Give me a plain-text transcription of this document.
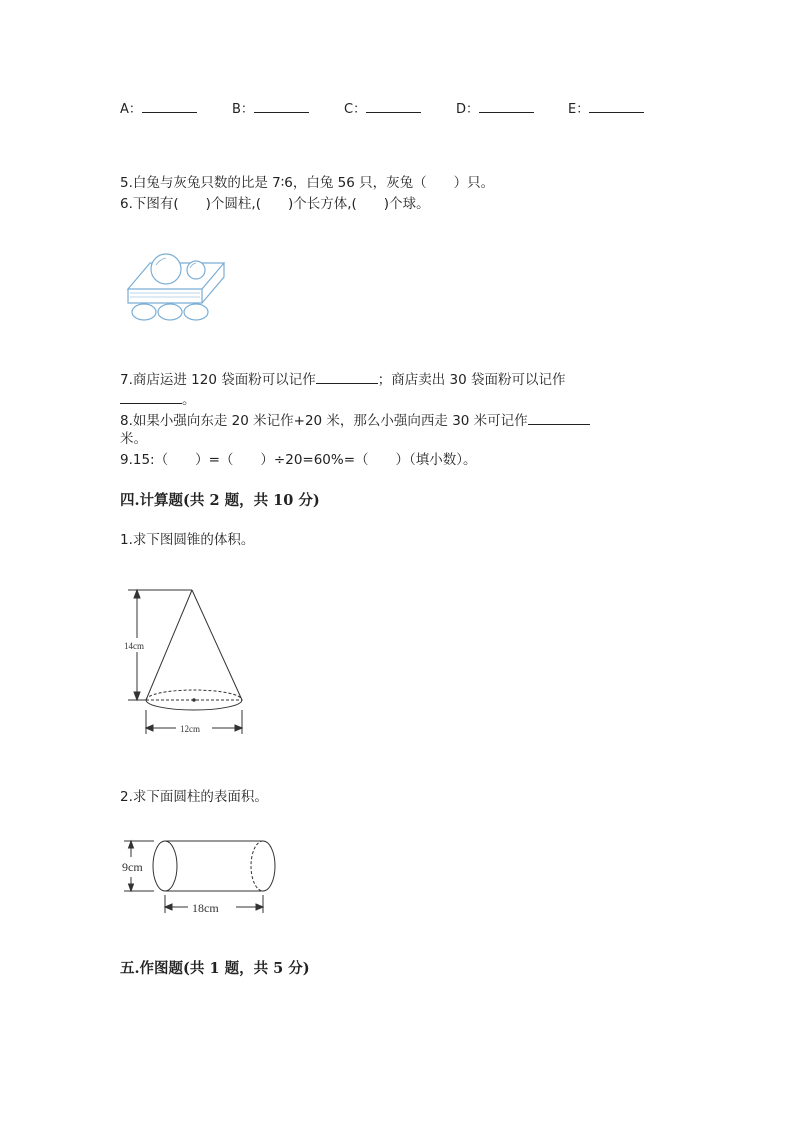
A：	B：	C：	D：	E：
5.白兔与灰兔只数的比是 7∶6，白兔 56 只，灰兔（　　）只。
6.下图有(　　)个圆柱,(　　)个长方体,(　　)个球。
7.商店运进 120 袋面粉可以记作	；商店卖出 30 袋面粉可以记作
。
8.如果小强向东走 20 米记作+20 米，那么小强向西走 30 米可记作
米。
9.15:（　　）=（　　）÷20=60%=（　　）（填小数）。
四.计算题(共 2 题，共 10 分)
1.求下图圆锥的体积。
14cm
12cm
2.求下面圆柱的表面积。
9cm
18cm
五.作图题(共 1 题，共 5 分)
